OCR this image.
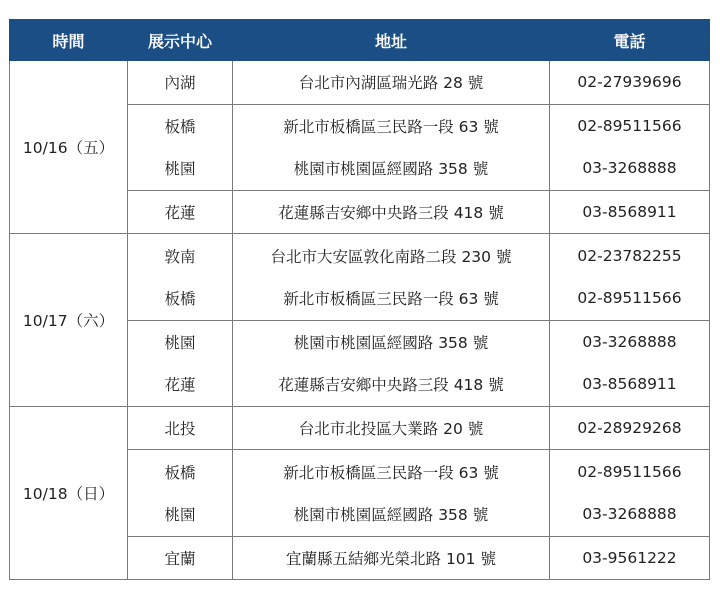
時間	展示中心	地址	電話
10/16（五）	內湖	台北市內湖區瑞光路 28 號	02-27939696
	板橋	新北市板橋區三民路一段 63 號	02-89511566
	桃園	桃園市桃園區經國路 358 號	03-3268888
	花蓮	花蓮縣吉安鄉中央路三段 418 號	03-8568911
10/17（六）	敦南	台北市大安區敦化南路二段 230 號	02-23782255
	板橋	新北市板橋區三民路一段 63 號	02-89511566
	桃園	桃園市桃園區經國路 358 號	03-3268888
	花蓮	花蓮縣吉安鄉中央路三段 418 號	03-8568911
10/18（日）	北投	台北市北投區大業路 20 號	02-28929268
	板橋	新北市板橋區三民路一段 63 號	02-89511566
	桃園	桃園市桃園區經國路 358 號	03-3268888
	宜蘭	宜蘭縣五結鄉光榮北路 101 號	03-9561222
